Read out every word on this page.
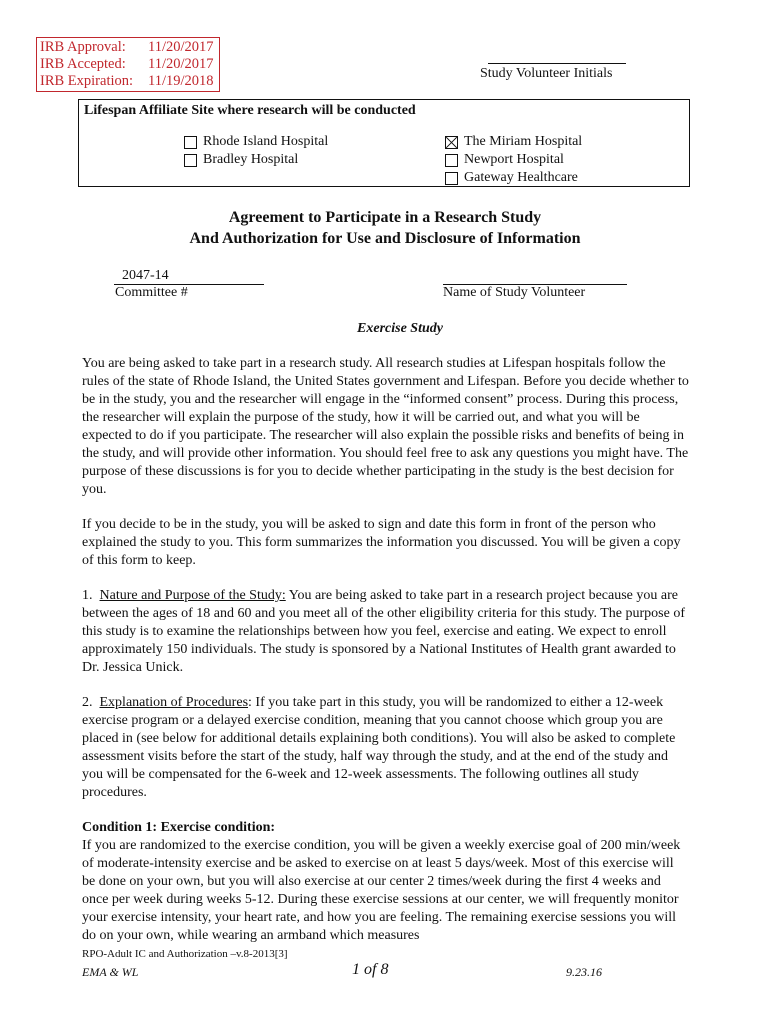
IRB Approval:	11/20/2017
IRB Accepted:	11/20/2017
IRB Expiration:	11/19/2018	Study Volunteer Initials
Lifespan Affiliate Site where research will be conducted
Rhode Island Hospital
Bradley Hospital
The Miriam Hospital
Newport Hospital
Gateway Healthcare
Agreement to Participate in a Research Study
And Authorization for Use and Disclosure of Information
2047-14
Committee #	Name of Study Volunteer
Exercise Study

You are being asked to take part in a research study. All research studies at Lifespan hospitals follow the rules of the state of Rhode Island, the United States government and Lifespan. Before you decide whether to be in the study, you and the researcher will engage in the “informed consent” process. During this process, the researcher will explain the purpose of the study, how it will be carried out, and what you will be expected to do if you participate. The researcher will also explain the possible risks and benefits of being in the study, and will provide other information. You should feel free to ask any questions you might have. The purpose of these discussions is for you to decide whether participating in the study is the best decision for you.

If you decide to be in the study, you will be asked to sign and date this form in front of the person who explained the study to you. This form summarizes the information you discussed. You will be given a copy of this form to keep.

1. Nature and Purpose of the Study: You are being asked to take part in a research project because you are between the ages of 18 and 60 and you meet all of the other eligibility criteria for this study. The purpose of this study is to examine the relationships between how you feel, exercise and eating. We expect to enroll approximately 150 individuals. The study is sponsored by a National Institutes of Health grant awarded to Dr. Jessica Unick.

2. Explanation of Procedures: If you take part in this study, you will be randomized to either a 12-week exercise program or a delayed exercise condition, meaning that you cannot choose which group you are placed in (see below for additional details explaining both conditions). You will also be asked to complete assessment visits before the start of the study, half way through the study, and at the end of the study and you will be compensated for the 6-week and 12-week assessments. The following outlines all study procedures.

Condition 1: Exercise condition:

If you are randomized to the exercise condition, you will be given a weekly exercise goal of 200 min/week of moderate-intensity exercise and be asked to exercise on at least 5 days/week. Most of this exercise will be done on your own, but you will also exercise at our center 2 times/week during the first 4 weeks and once per week during weeks 5-12. During these exercise sessions at our center, we will frequently monitor your exercise intensity, your heart rate, and how you are feeling. The remaining exercise sessions you will do on your own, while wearing an armband which measures

RPO-Adult IC and Authorization –v.8-2013[3]
EMA & WL	1 of 8	9.23.16
